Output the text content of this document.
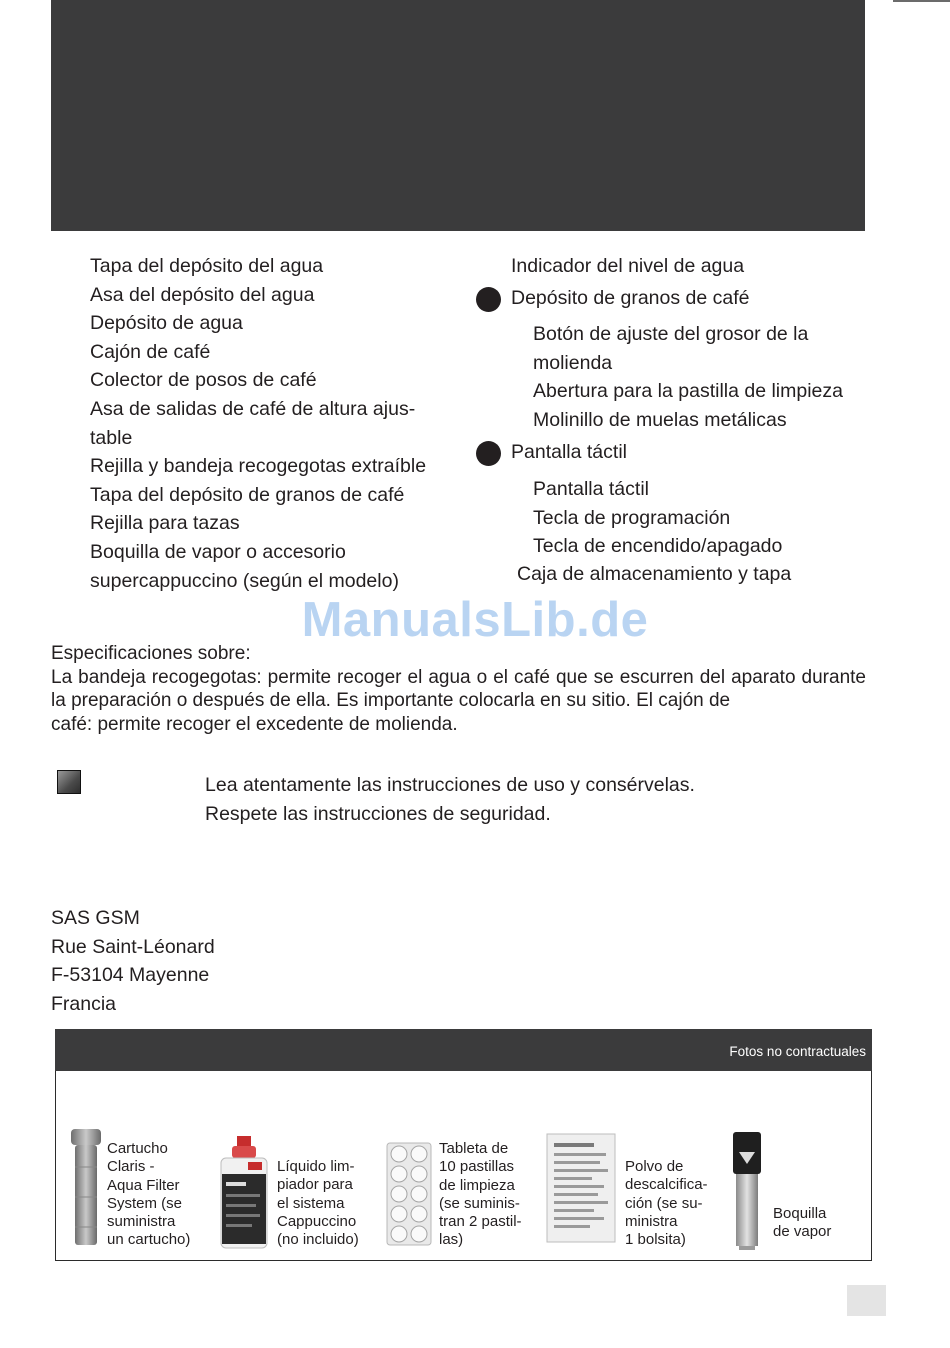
Tapa del depósito del agua
Asa del depósito del agua
Depósito de agua
Cajón de café
Colector de posos de café
Asa de salidas de café de altura ajus-
table
Rejilla y bandeja recogegotas extraíble
Tapa del depósito de granos de café
Rejilla para tazas
Boquilla de vapor o accesorio
supercappuccino (según el modelo)
Indicador del nivel de agua
Depósito de granos de café
Botón de ajuste del grosor de la
molienda
Abertura para la pastilla de limpieza
Molinillo de muelas metálicas
Pantalla táctil
Pantalla táctil
Tecla de programación
Tecla de encendido/apagado
Caja de almacenamiento y tapa
ManualsLib.de
Especificaciones sobre:
La bandeja recogegotas: permite recoger el agua o el café que se escurren del aparato durante la preparación o después de ella. Es importante colocarla en su sitio. El cajón de
café: permite recoger el excedente de molienda.
Lea atentamente las instrucciones de uso y consérvelas.
Respete las instrucciones de seguridad.
SAS GSM
Rue Saint-Léonard
F-53104 Mayenne
Francia
Fotos no contractuales
Cartucho
Claris -
Aqua Filter
System (se
suministra
un cartucho)
Líquido lim-
piador para
el sistema
Cappuccino
(no incluido)
Tableta de
10 pastillas
de limpieza
(se suminis-
tran 2 pastil-
las)
Polvo de
descalcifica-
ción (se su-
ministra
1 bolsita)
Boquilla
de vapor
